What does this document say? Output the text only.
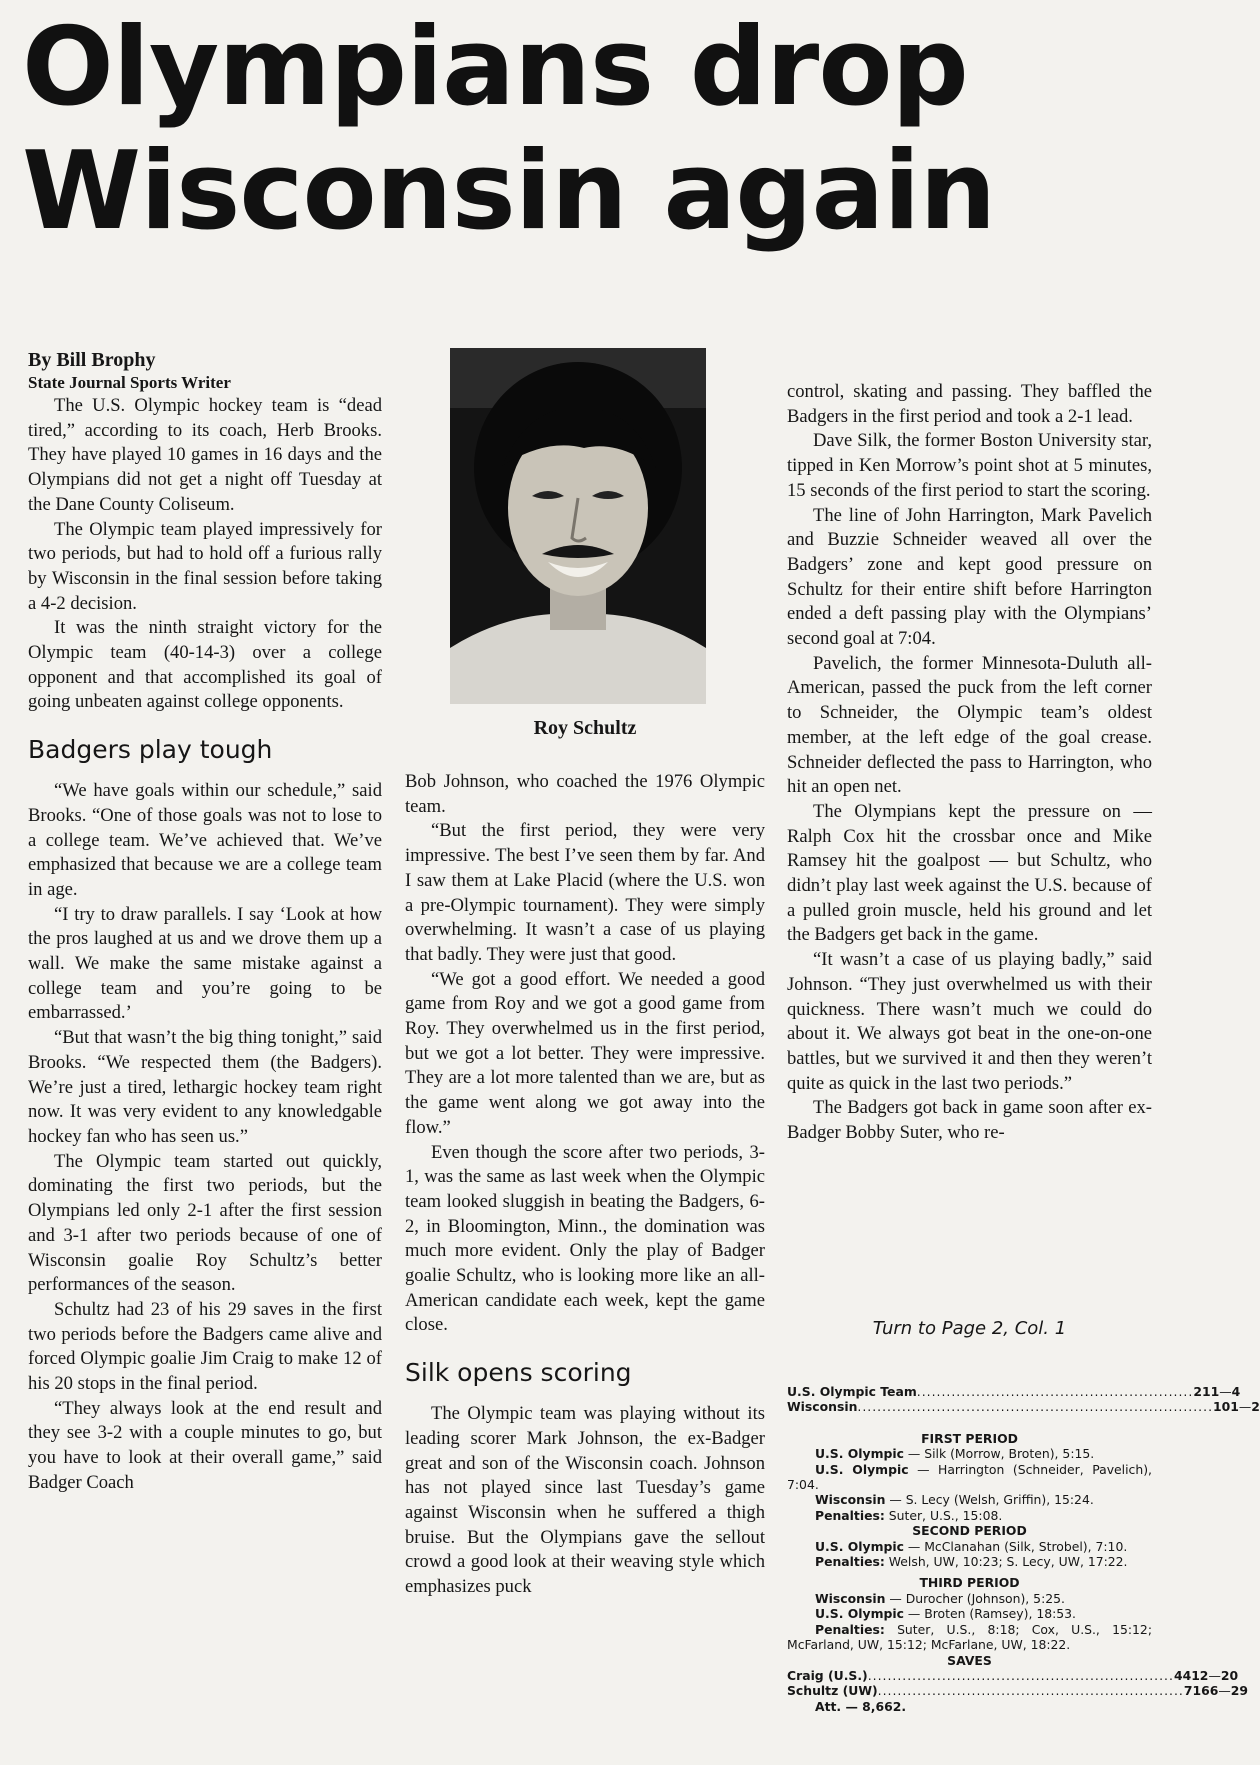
Olympians drop
Wisconsin again

By Bill Brophy

State Journal Sports Writer

The U.S. Olympic hockey team is “dead tired,” according to its coach, Herb Brooks. They have played 10 games in 16 days and the Olympians did not get a night off Tuesday at the Dane County Coliseum.

The Olympic team played impressively for two periods, but had to hold off a furious rally by Wisconsin in the final session before taking a 4-2 decision.

It was the ninth straight victory for the Olympic team (40-14-3) over a college opponent and that accomplished its goal of going unbeaten against college opponents.

Badgers play tough

“We have goals within our schedule,” said Brooks. “One of those goals was not to lose to a college team. We’ve achieved that. We’ve emphasized that because we are a college team in age.

“I try to draw parallels. I say ‘Look at how the pros laughed at us and we drove them up a wall. We make the same mistake against a college team and you’re going to be embarrassed.’

“But that wasn’t the big thing tonight,” said Brooks. “We respected them (the Badgers). We’re just a tired, lethargic hockey team right now. It was very evident to any knowledgable hockey fan who has seen us.”

The Olympic team started out quickly, dominating the first two periods, but the Olympians led only 2-1 after the first session and 3-1 after two periods because of one of Wisconsin goalie Roy Schultz’s better performances of the season.

Schultz had 23 of his 29 saves in the first two periods before the Badgers came alive and forced Olympic goalie Jim Craig to make 12 of his 20 stops in the final period.

“They always look at the end result and they see 3-2 with a couple minutes to go, but you have to look at their overall game,” said Badger Coach

Roy Schultz

Bob Johnson, who coached the 1976 Olympic team.

“But the first period, they were very impressive. The best I’ve seen them by far. And I saw them at Lake Placid (where the U.S. won a pre-Olympic tournament). They were simply overwhelming. It wasn’t a case of us playing that badly. They were just that good.

“We got a good effort. We needed a good game from Roy and we got a good game from Roy. They overwhelmed us in the first period, but we got a lot better. They were impressive. They are a lot more talented than we are, but as the game went along we got away into the flow.”

Even though the score after two periods, 3-1, was the same as last week when the Olympic team looked sluggish in beating the Badgers, 6-2, in Bloomington, Minn., the domination was much more evident. Only the play of Badger goalie Schultz, who is looking more like an all-American candidate each week, kept the game close.

Silk opens scoring

The Olympic team was playing without its leading scorer Mark Johnson, the ex-Badger great and son of the Wisconsin coach. Johnson has not played since last Tuesday’s game against Wisconsin when he suffered a thigh bruise. But the Olympians gave the sellout crowd a good look at their weaving style which emphasizes puck

control, skating and passing. They baffled the Badgers in the first period and took a 2-1 lead.

Dave Silk, the former Boston University star, tipped in Ken Morrow’s point shot at 5 minutes, 15 seconds of the first period to start the scoring.

The line of John Harrington, Mark Pavelich and Buzzie Schneider weaved all over the Badgers’ zone and kept good pressure on Schultz for their entire shift before Harrington ended a deft passing play with the Olympians’ second goal at 7:04.

Pavelich, the former Minnesota-Duluth all-American, passed the puck from the left corner to Schneider, the Olympic team’s oldest member, at the left edge of the goal crease. Schneider deflected the pass to Harrington, who hit an open net.

The Olympians kept the pressure on — Ralph Cox hit the crossbar once and Mike Ramsey hit the goalpost — but Schultz, who didn’t play last week against the U.S. because of a pulled groin muscle, held his ground and let the Badgers get back in the game.

“It wasn’t a case of us playing badly,” said Johnson. “They just overwhelmed us with their quickness. There wasn’t much we could do about it. We always got beat in the one-on-one battles, but we survived it and then they weren’t quite as quick in the last two periods.”

The Badgers got back in game soon after ex-Badger Bobby Suter, who re-

Turn to Page 2, Col. 1
U.S. Olympic Team ........................................................ 2 1 1 — 4
Wisconsin ........................................................................ 1 0 1 — 2
FIRST PERIOD
U.S. Olympic — Silk (Morrow, Broten), 5:15.
U.S. Olympic — Harrington (Schneider, Pavelich), 7:04.
Wisconsin — S. Lecy (Welsh, Griffin), 15:24.
Penalties: Suter, U.S., 15:08.
SECOND PERIOD
U.S. Olympic — McClanahan (Silk, Strobel), 7:10.
Penalties: Welsh, UW, 10:23; S. Lecy, UW, 17:22.
THIRD PERIOD
Wisconsin — Durocher (Johnson), 5:25.
U.S. Olympic — Broten (Ramsey), 18:53.
Penalties: Suter, U.S., 8:18; Cox, U.S., 15:12; McFarland, UW, 15:12; McFarlane, UW, 18:22.
SAVES
Craig (U.S.) .............................................................. 4 4 12 — 20
Schultz (UW) .............................................................. 7 16 6 — 29
Att. — 8,662.
